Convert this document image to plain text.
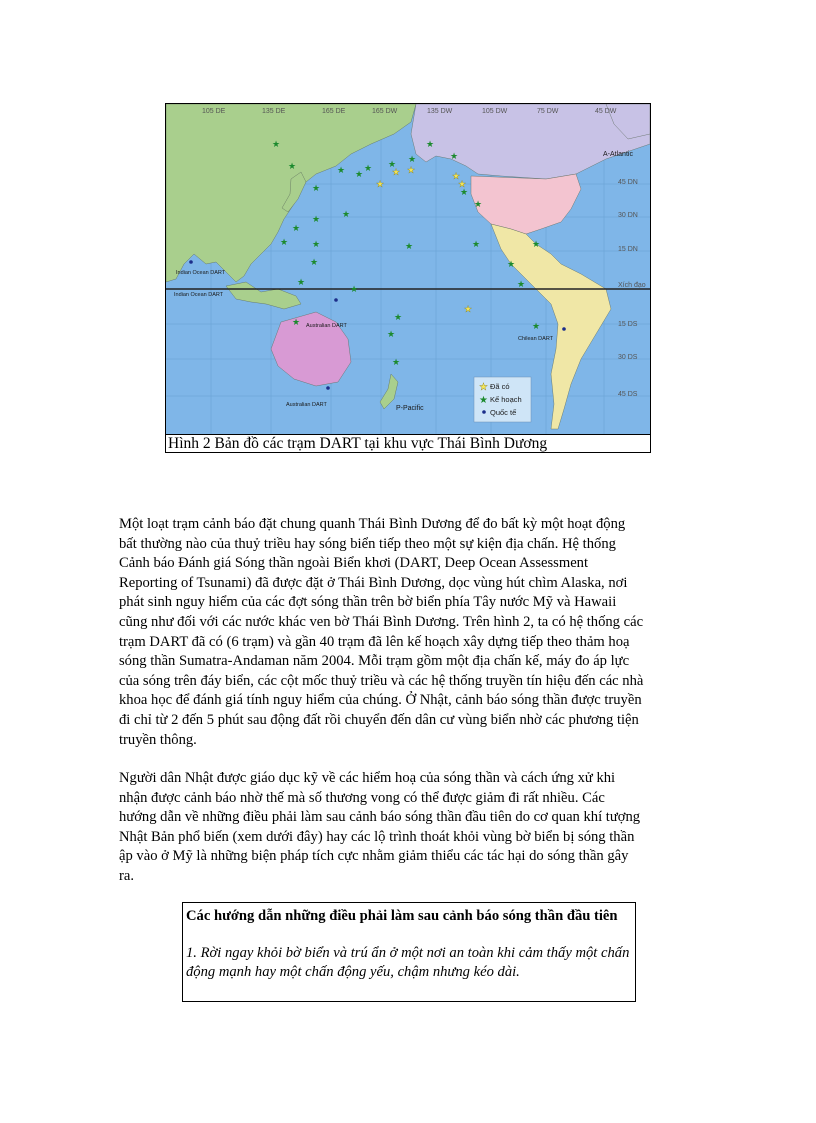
105 DE	135 DE	165 DE	165 DW	135 DW	105 DW	75 DW	45 DW
45 DN
30 DN
15 DN
Xích đạo
15 DS
30 DS
45 DS
A-Atlantic
P-Pacific
Indian Ocean DART
Indian Ocean DART
Australian DART
Australian DART
Chilean DART
★
★
★
★ ★
★ ★ ★
★
★
★
★
★ ★
★
★	★
★
★
★	★
★
★
★
★
★
★
★
★
★
★
★ ★
★
★
★
★ Đã có
★ Kế hoạch
Quốc tế
Hình 2 Bản đồ các trạm DART tại khu vực Thái Bình Dương
Một loạt trạm cảnh báo đặt chung quanh Thái Bình Dương để đo bất kỳ một hoạt động
bất thường nào của thuỷ triều hay sóng biển tiếp theo một sự kiện địa chấn. Hệ thống
Cảnh báo Đánh giá Sóng thần ngoài Biển khơi (DART, Deep Ocean Assessment
Reporting of Tsunami) đã được đặt ở Thái Bình Dương, dọc vùng hút chìm Alaska, nơi
phát sinh nguy hiểm của các đợt sóng thần trên bờ biển phía Tây nước Mỹ và Hawaii
cũng như đối với các nước khác ven bờ Thái Bình Dương. Trên hình 2, ta có hệ thống các
trạm DART đã có (6 trạm) và gần 40 trạm đã lên kế hoạch xây dựng tiếp theo thảm hoạ
sóng thần Sumatra-Andaman năm 2004. Mỗi trạm gồm một địa chấn kế, máy đo áp lực
của sóng trên đáy biển, các cột mốc thuỷ triều và các hệ thống truyền tín hiệu đến các nhà
khoa học để đánh giá tính nguy hiểm của chúng. Ở Nhật, cảnh báo sóng thần được truyền
đi chỉ từ 2 đến 5 phút sau động đất rồi chuyển đến dân cư vùng biển nhờ các phương tiện
truyền thông.
Người dân Nhật được giáo dục kỹ về các hiểm hoạ của sóng thần và cách ứng xử khi
nhận được cảnh báo nhờ thế mà số thương vong có thể được giảm đi rất nhiều. Các
hướng dẫn về những điều phải làm sau cảnh báo sóng thần đầu tiên do cơ quan khí tượng
Nhật Bản phổ biến (xem dưới đây) hay các lộ trình thoát khỏi vùng bờ biển bị sóng thần
ập vào ở Mỹ là những biện pháp tích cực nhằm giảm thiểu các tác hại do sóng thần gây
ra.
Các hướng dẫn những điều phải làm sau cảnh báo sóng thần đầu tiên
1. Rời ngay khỏi bờ biển và trú ẩn ở một nơi an toàn khi cảm thấy một chấn động mạnh hay một chấn động yếu, chậm nhưng kéo dài.
